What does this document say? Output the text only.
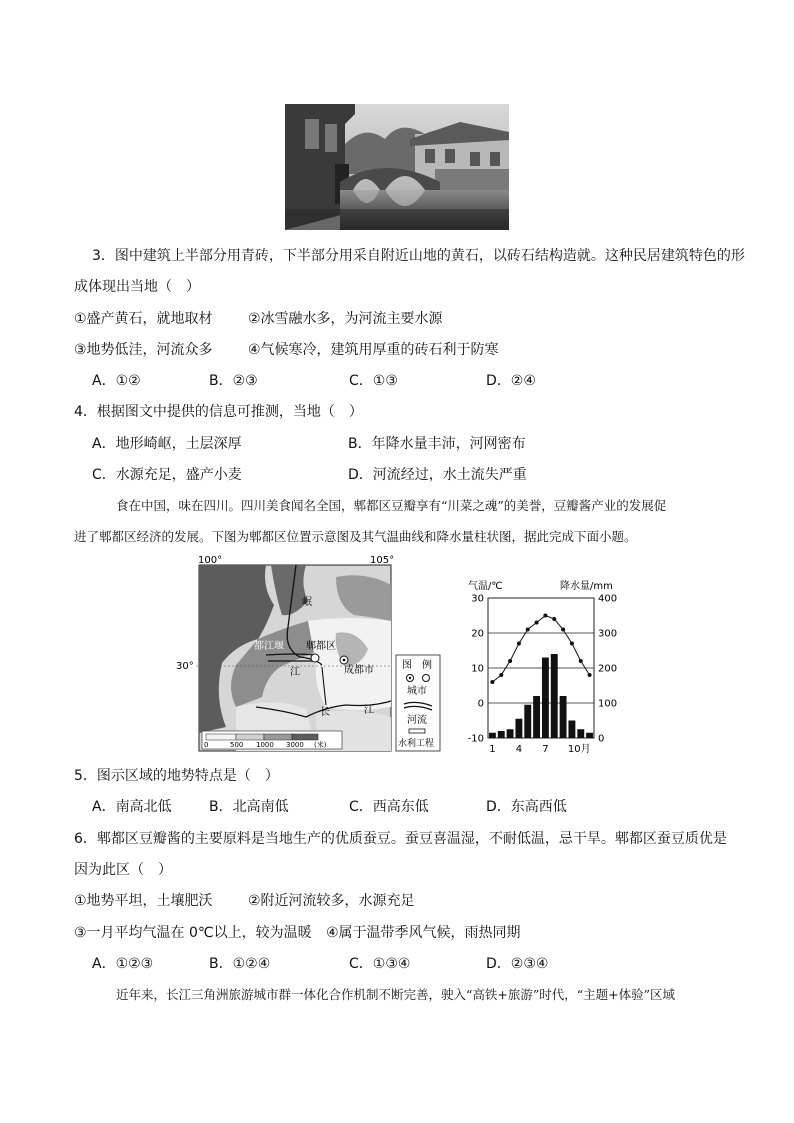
3．图中建筑上半部分用青砖，下半部分用采自附近山地的黄石，以砖石结构造就。这种民居建筑特色的形
成体现出当地（　）
①盛产黄石，就地取材	②冰雪融水多，为河流主要水源
③地势低洼，河流众多	④气候寒冷，建筑用厚重的砖石利于防寒
A．①②	B．②③	C．①③	D．②④
4．根据图文中提供的信息可推测，当地（　）
A．地形崎岖，土层深厚	B．年降水量丰沛，河网密布
C．水源充足，盛产小麦	D．河流经过，水土流失严重
食在中国，味在四川。四川美食闻名全国，郫都区豆瓣享有“川菜之魂”的美誉，豆瓣酱产业的发展促
进了郫都区经济的发展。下图为郫都区位置示意图及其气温曲线和降水量柱状图，据此完成下面小题。
100°	105°
30°
岷
都江堰 郫都区
成都市
江
长	江
图　例
城市
河流
水利工程
0	500 1000 3000 (米)
气温/℃	降水量/mm
30
20
10
0
-10
400
300
200
100
0
1 4 7 10月
5．图示区域的地势特点是（　）
A．南高北低	B．北高南低	C．西高东低	D．东高西低
6．郫都区豆瓣酱的主要原料是当地生产的优质蚕豆。蚕豆喜温湿，不耐低温，忌干旱。郫都区蚕豆质优是
因为此区（　）
①地势平坦，土壤肥沃	②附近河流较多，水源充足
③一月平均气温在 0℃以上，较为温暖 ④属于温带季风气候，雨热同期
A．①②③	B．①②④	C．①③④	D．②③④
近年来，长江三角洲旅游城市群一体化合作机制不断完善，驶入“高铁+旅游”时代，“主题+体验”区域
